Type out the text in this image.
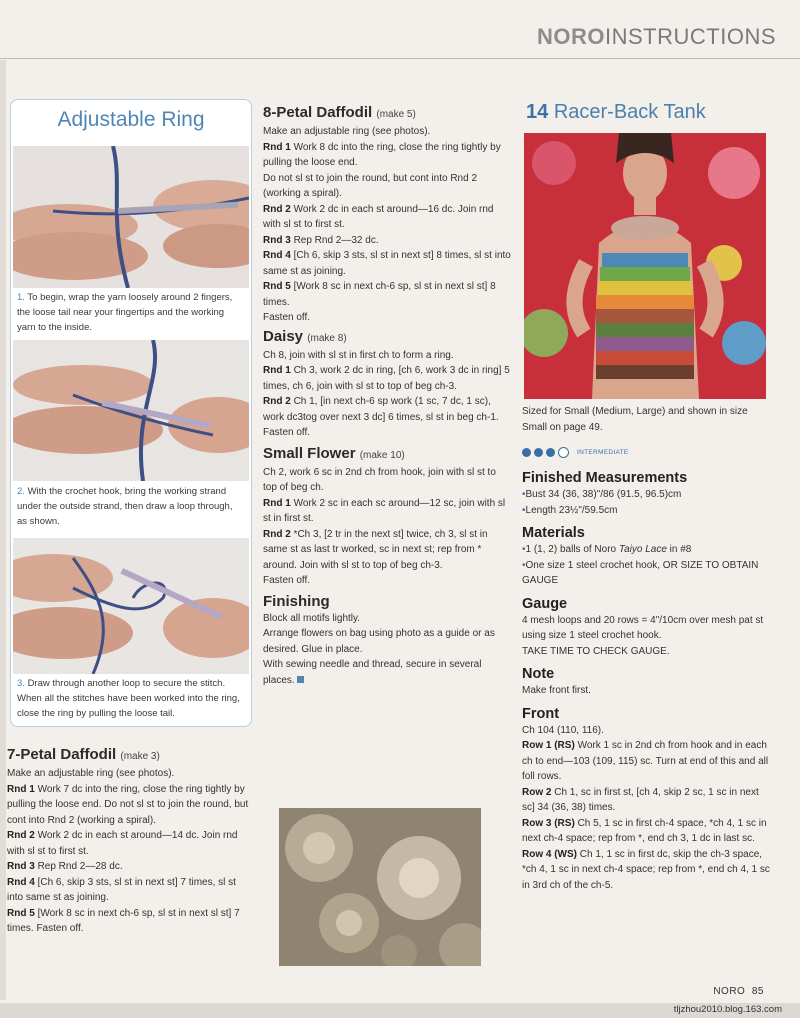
NOROINSTRUCTIONS
Adjustable Ring
1. To begin, wrap the yarn loosely around 2 fingers, the loose tail near your fingertips and the working yarn to the inside.
2. With the crochet hook, bring the working strand under the outside strand, then draw a loop through, as shown.
3. Draw through another loop to secure the stitch. When all the stitches have been worked into the ring, close the ring by pulling the loose tail.

7-Petal Daffodil (make 3)

Make an adjustable ring (see photos).

Rnd 1 Work 7 dc into the ring, close the ring tightly by pulling the loose end. Do not sl st to join the round, but cont into Rnd 2 (working a spiral).

Rnd 2 Work 2 dc in each st around—14 dc. Join rnd with sl st to first st.

Rnd 3 Rep Rnd 2—28 dc.

Rnd 4 [Ch 6, skip 3 sts, sl st in next st] 7 times, sl st into same st as joining.

Rnd 5 [Work 8 sc in next ch-6 sp, sl st in next sl st] 7 times. Fasten off.

8-Petal Daffodil (make 5)

Make an adjustable ring (see photos).

Rnd 1 Work 8 dc into the ring, close the ring tightly by pulling the loose end.

Do not sl st to join the round, but cont into Rnd 2 (working a spiral).

Rnd 2 Work 2 dc in each st around—16 dc. Join rnd with sl st to first st.

Rnd 3 Rep Rnd 2—32 dc.

Rnd 4 [Ch 6, skip 3 sts, sl st in next st] 8 times, sl st into same st as joining.

Rnd 5 [Work 8 sc in next ch-6 sp, sl st in next sl st] 8 times.

Fasten off.

Daisy (make 8)

Ch 8, join with sl st in first ch to form a ring.

Rnd 1 Ch 3, work 2 dc in ring, [ch 6, work 3 dc in ring] 5 times, ch 6, join with sl st to top of beg ch-3.

Rnd 2 Ch 1, [in next ch-6 sp work (1 sc, 7 dc, 1 sc), work dc3tog over next 3 dc] 6 times, sl st in beg ch-1.

Fasten off.

Small Flower (make 10)

Ch 2, work 6 sc in 2nd ch from hook, join with sl st to top of beg ch.

Rnd 1 Work 2 sc in each sc around—12 sc, join with sl st in first st.

Rnd 2 *Ch 3, [2 tr in the next st] twice, ch 3, sl st in same st as last tr worked, sc in next st; rep from * around. Join with sl st to top of beg ch-3.

Fasten off.

Finishing

Block all motifs lightly.

Arrange flowers on bag using photo as a guide or as desired. Glue in place.

With sewing needle and thread, secure in several places.

14 Racer-Back Tank

Sized for Small (Medium, Large) and shown in size Small on page 49.

INTERMEDIATE

Finished Measurements

•Bust 34 (36, 38)"/86 (91.5, 96.5)cm

•Length 23½"/59.5cm

Materials

•1 (1, 2) balls of Noro Taiyo Lace in #8

•One size 1 steel crochet hook, OR SIZE TO OBTAIN GAUGE

Gauge

4 mesh loops and 20 rows = 4"/10cm over mesh pat st using size 1 steel crochet hook.

TAKE TIME TO CHECK GAUGE.

Note

Make front first.

Front

Ch 104 (110, 116).

Row 1 (RS) Work 1 sc in 2nd ch from hook and in each ch to end—103 (109, 115) sc. Turn at end of this and all foll rows.

Row 2 Ch 1, sc in first st, [ch 4, skip 2 sc, 1 sc in next sc] 34 (36, 38) times.

Row 3 (RS) Ch 5, 1 sc in first ch-4 space, *ch 4, 1 sc in next ch-4 space; rep from *, end ch 3, 1 dc in last sc.

Row 4 (WS) Ch 1, 1 sc in first dc, skip the ch-3 space, *ch 4, 1 sc in next ch-4 space; rep from *, end ch 4, 1 sc in 3rd ch of the ch-5.

NORO 85
tljzhou2010.blog.163.com
